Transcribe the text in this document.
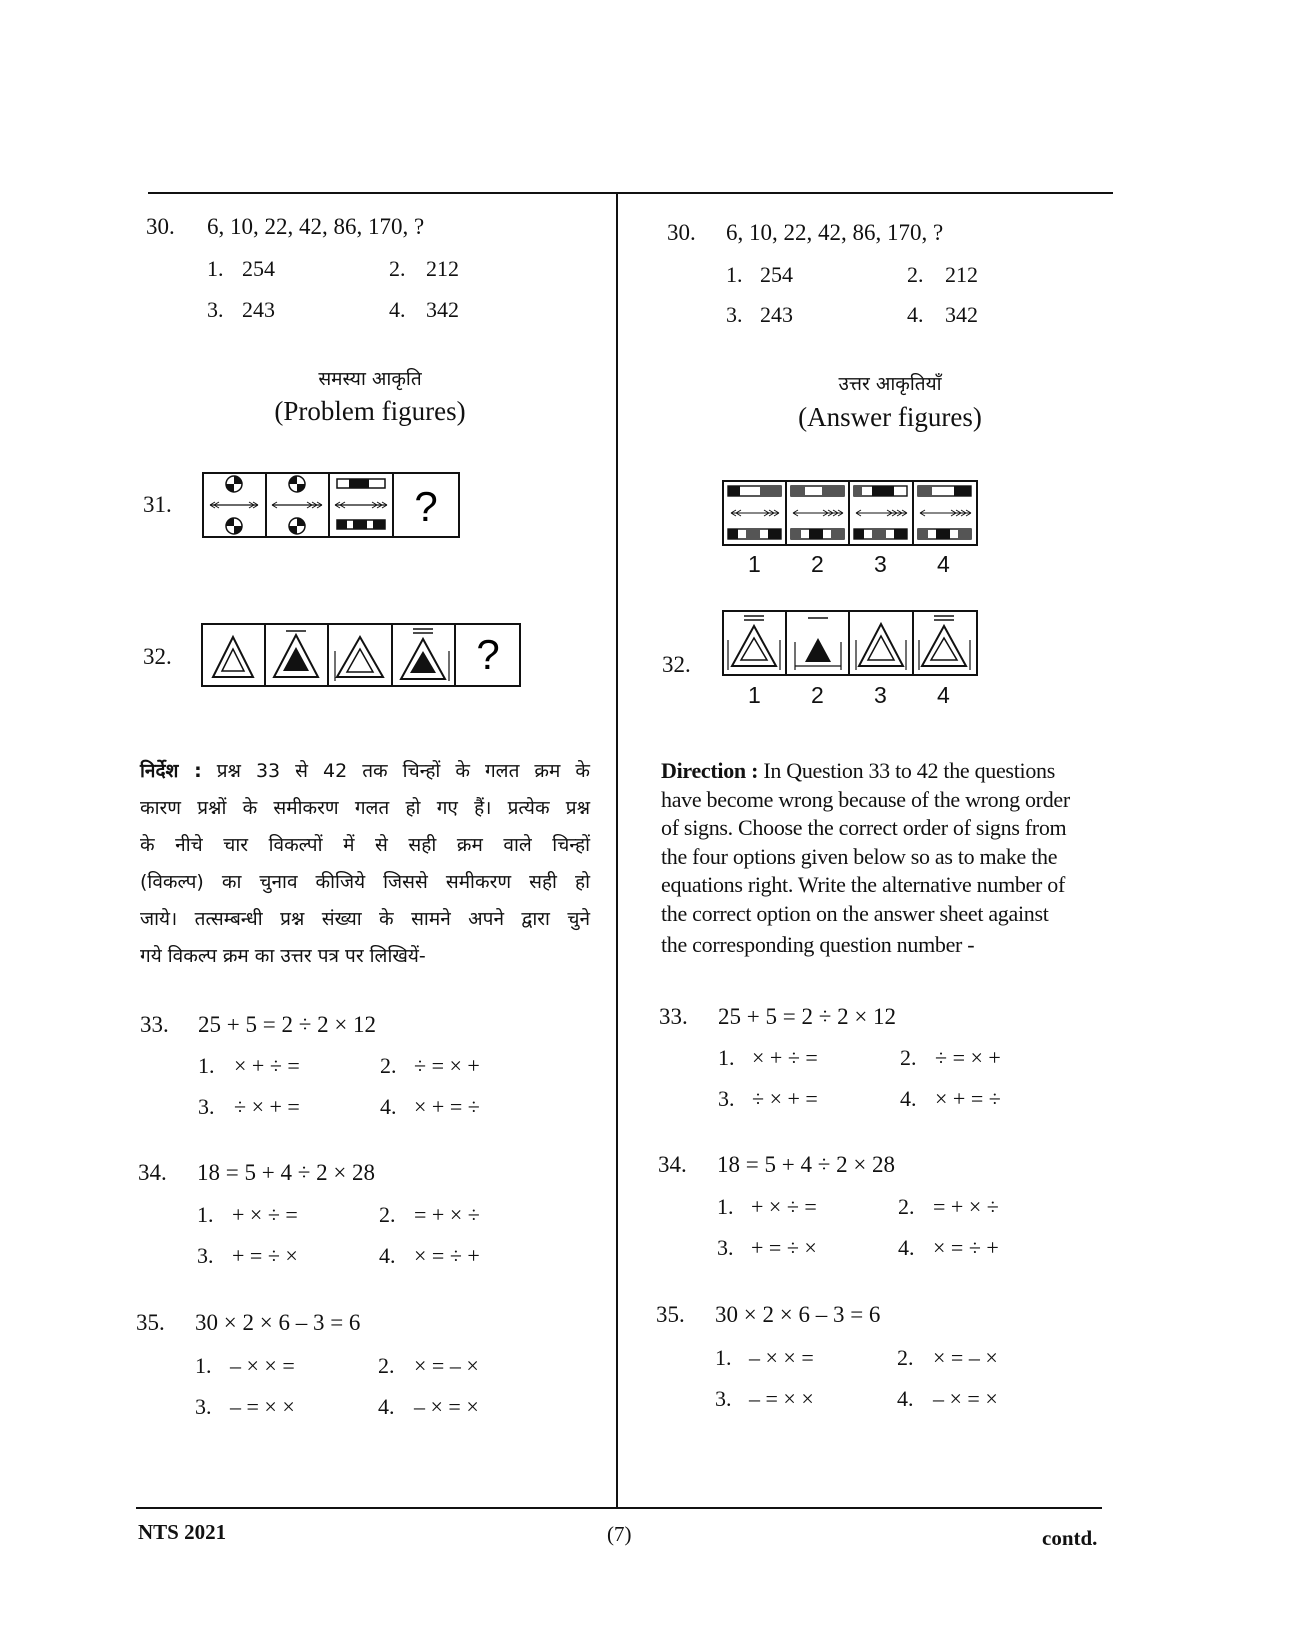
30. 6, 10, 22, 42, 86, 170, ?
1. 254	2. 212
3. 243	4. 342
समस्या आकृति
(Problem figures)
31.	?
32.	?
निर्देश : प्रश्न 33 से 42 तक चिन्हों के गलत क्रम के
कारण प्रश्नों के समीकरण गलत हो गए हैं। प्रत्येक प्रश्न
के नीचे चार विकल्पों में से सही क्रम वाले चिन्हों
(विकल्प) का चुनाव कीजिये जिससे समीकरण सही हो
जाये। तत्सम्बन्धी प्रश्न संख्या के सामने अपने द्वारा चुने
गये विकल्प क्रम का उत्तर पत्र पर लिखियें-
33. 25 + 5 = 2 ÷ 2 × 12
1. × + ÷ =	2. ÷ = × +
3. ÷ × + =	4. × + = ÷
34. 18 = 5 + 4 ÷ 2 × 28
1. + × ÷ =	2. = + × ÷
3. + = ÷ ×	4. × = ÷ +
35. 30 × 2 × 6 – 3 = 6
1. – × × =	2. × = – ×
3. – = × ×	4. – × = ×
30. 6, 10, 22, 42, 86, 170, ?
1. 254	2. 212
3. 243	4. 342
उत्तर आकृतियाँ
(Answer figures)
1 2 3 4
32.
1 2 3 4
Direction : In Question 33 to 42 the questions
have become wrong because of the wrong order
of signs. Choose the correct order of signs from
the four options given below so as to make the
equations right. Write the alternative number of
the correct option on the answer sheet against
the corresponding question number -
33. 25 + 5 = 2 ÷ 2 × 12
1. × + ÷ =	2. ÷ = × +
3. ÷ × + =	4. × + = ÷
34. 18 = 5 + 4 ÷ 2 × 28
1. + × ÷ =	2. = + × ÷
3. + = ÷ ×	4. × = ÷ +
35. 30 × 2 × 6 – 3 = 6
1. – × × =	2. × = – ×
3. – = × ×	4. – × = ×
NTS 2021	(7)	contd.
